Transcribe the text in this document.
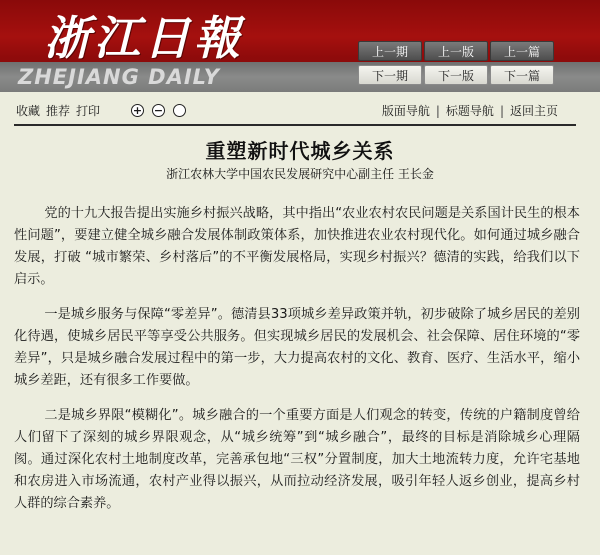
浙江日報
ZHEJIANG DAILY
上一期	上一版	上一篇
下一期	下一版	下一篇
收藏 推荐 打印	+ −	版面导航 | 标题导航 | 返回主页
重塑新时代城乡关系
浙江农林大学中国农民发展研究中心副主任 王长金

党的十九大报告提出实施乡村振兴战略，其中指出“农业农村农民问题是关系国计民生的根本性问题”，要建立健全城乡融合发展体制政策体系，加快推进农业农村现代化。如何通过城乡融合发展，打破 “城市繁荣、乡村落后”的不平衡发展格局，实现乡村振兴？德清的实践，给我们以下启示。

一是城乡服务与保障“零差异”。德清县33项城乡差异政策并轨，初步破除了城乡居民的差别化待遇，使城乡居民平等享受公共服务。但实现城乡居民的发展机会、社会保障、居住环境的“零差异”，只是城乡融合发展过程中的第一步，大力提高农村的文化、教育、医疗、生活水平，缩小城乡差距，还有很多工作要做。

二是城乡界限“模糊化”。城乡融合的一个重要方面是人们观念的转变，传统的户籍制度曾给人们留下了深刻的城乡界限观念，从“城乡统筹”到“城乡融合”，最终的目标是消除城乡心理隔阂。通过深化农村土地制度改革，完善承包地“三权”分置制度，加大土地流转力度，允许宅基地和农房进入市场流通，农村产业得以振兴，从而拉动经济发展，吸引年轻人返乡创业，提高乡村人群的综合素养。
